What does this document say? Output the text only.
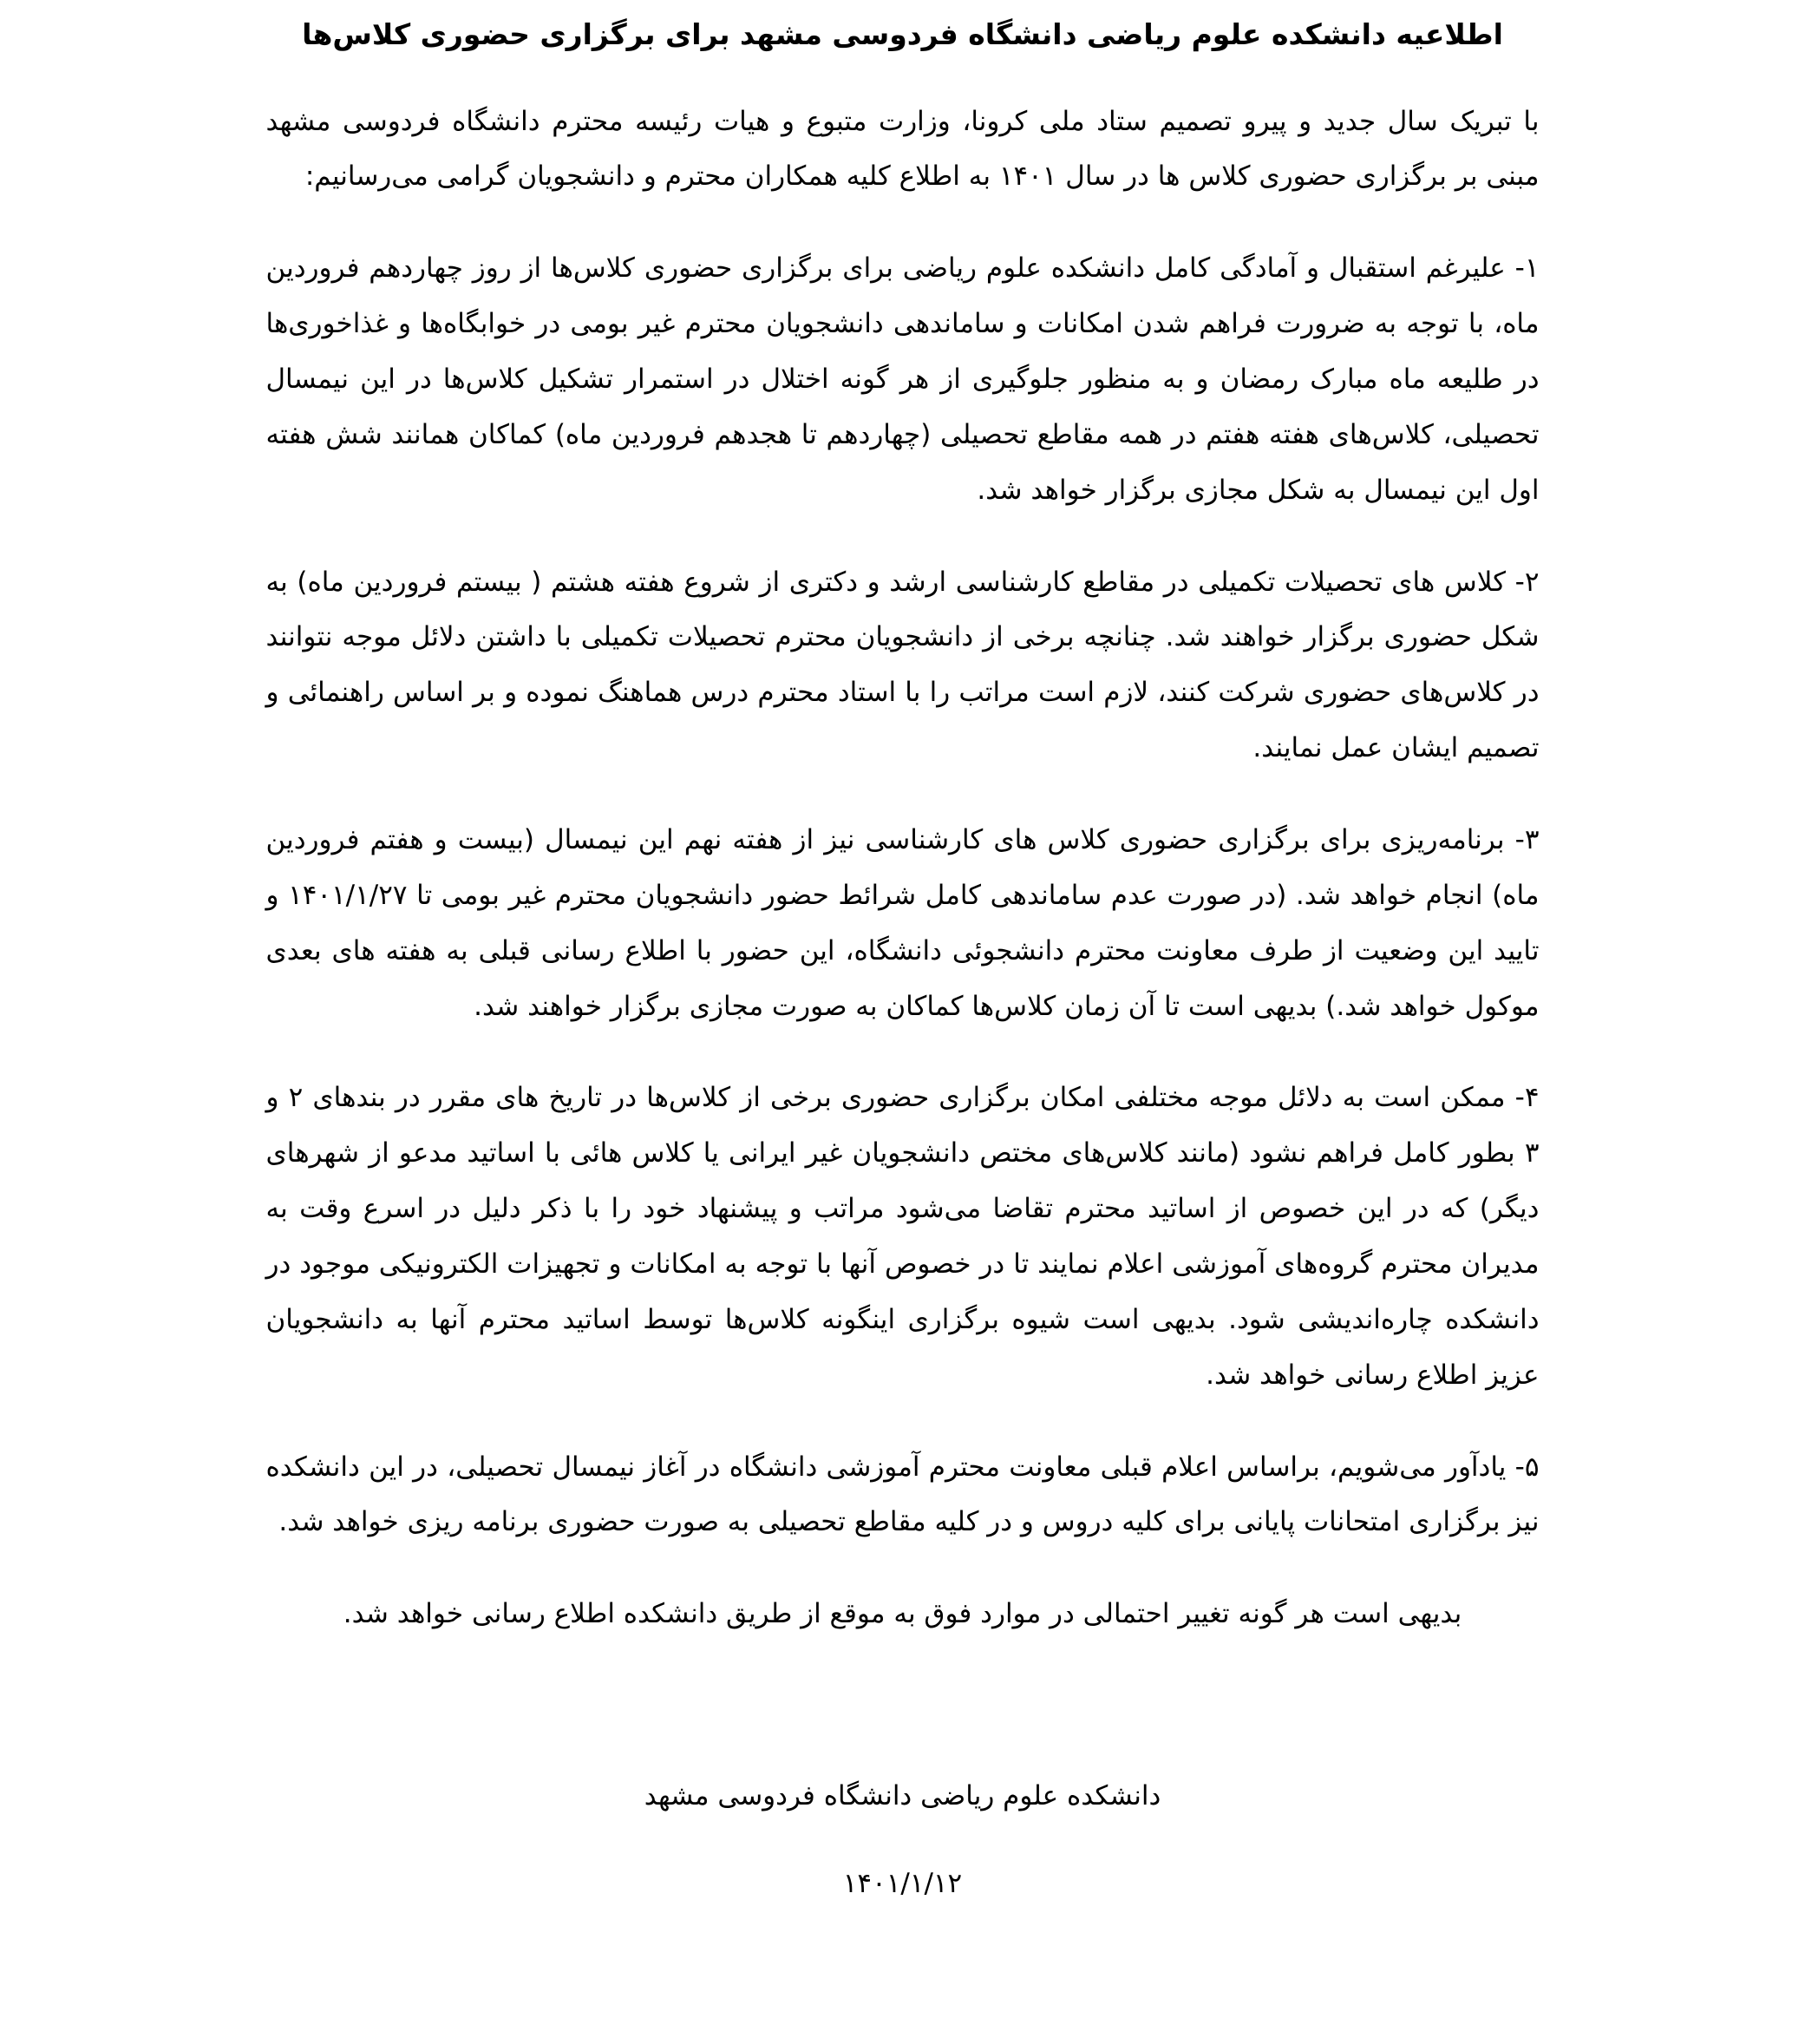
اطلاعیه دانشکده علوم ریاضی دانشگاه فردوسی مشهد برای برگزاری حضوری کلاس‌ها

با تبریک سال جدید و پیرو تصمیم ستاد ملی کرونا، وزارت متبوع و هیات رئیسه محترم دانشگاه فردوسی مشهد مبنی بر برگزاری حضوری کلاس ها در سال ۱۴۰۱ به اطلاع کلیه همکاران محترم و دانشجویان گرامی می‌رسانیم:

۱- علیرغم استقبال و آمادگی کامل دانشکده علوم ریاضی برای برگزاری حضوری کلاس‌ها از روز چهاردهم فروردین ماه، با توجه به ضرورت فراهم شدن امکانات و ساماندهی دانشجویان محترم غیر بومی در خوابگاه‌ها و غذاخوری‌ها در طلیعه ماه مبارک رمضان و به منظور جلوگیری از هر گونه اختلال در استمرار تشکیل کلاس‌ها در این نیمسال تحصیلی، کلاس‌های هفته هفتم در همه مقاطع تحصیلی (چهاردهم تا هجدهم فروردین ماه) کماکان همانند شش هفته اول این نیمسال به شکل مجازی برگزار خواهد شد.

۲- کلاس های تحصیلات تکمیلی در مقاطع کارشناسی ارشد و دکتری از شروع هفته هشتم ( بیستم فروردین ماه) به شکل حضوری برگزار خواهند شد. چنانچه برخی از دانشجویان محترم تحصیلات تکمیلی با داشتن دلائل موجه نتوانند در کلاس‌های حضوری شرکت کنند، لازم است مراتب را با استاد محترم درس هماهنگ نموده و بر اساس راهنمائی و تصمیم ایشان عمل نمایند.

۳- برنامه‌ریزی برای برگزاری حضوری کلاس های کارشناسی نیز از هفته نهم این نیمسال (بیست و هفتم فروردین ماه) انجام خواهد شد. (در صورت عدم ساماندهی کامل شرائط حضور دانشجویان محترم غیر بومی تا ۱۴۰۱/۱/۲۷ و تایید این وضعیت از طرف معاونت محترم دانشجوئی دانشگاه، این حضور با اطلاع رسانی قبلی به هفته های بعدی موکول خواهد شد.) بدیهی است تا آن زمان کلاس‌ها کماکان به صورت مجازی برگزار خواهند شد.

۴- ممکن است به دلائل موجه مختلفی امکان برگزاری حضوری برخی از کلاس‌ها در تاریخ های مقرر در بندهای ۲ و ۳ بطور کامل فراهم نشود (مانند کلاس‌های مختص دانشجویان غیر ایرانی یا کلاس هائی با اساتید مدعو از شهرهای دیگر) که در این خصوص از اساتید محترم تقاضا می‌شود مراتب و پیشنهاد خود را با ذکر دلیل در اسرع وقت به مدیران محترم گروه‌های آموزشی اعلام نمایند تا در خصوص آنها با توجه به امکانات و تجهیزات الکترونیکی موجود در دانشکده چاره‌اندیشی شود. بدیهی است شیوه برگزاری اینگونه کلاس‌ها توسط اساتید محترم آنها به دانشجویان عزیز اطلاع رسانی خواهد شد.

۵- یادآور می‌شویم، براساس اعلام قبلی معاونت محترم آموزشی دانشگاه در آغاز نیمسال تحصیلی، در این دانشکده نیز برگزاری امتحانات پایانی برای کلیه دروس و در کلیه مقاطع تحصیلی به صورت حضوری برنامه ریزی خواهد شد.

بدیهی است هر گونه تغییر احتمالی در موارد فوق به موقع از طریق دانشکده اطلاع رسانی خواهد شد.

دانشکده علوم ریاضی دانشگاه فردوسی مشهد
۱۴۰۱/۱/۱۲
